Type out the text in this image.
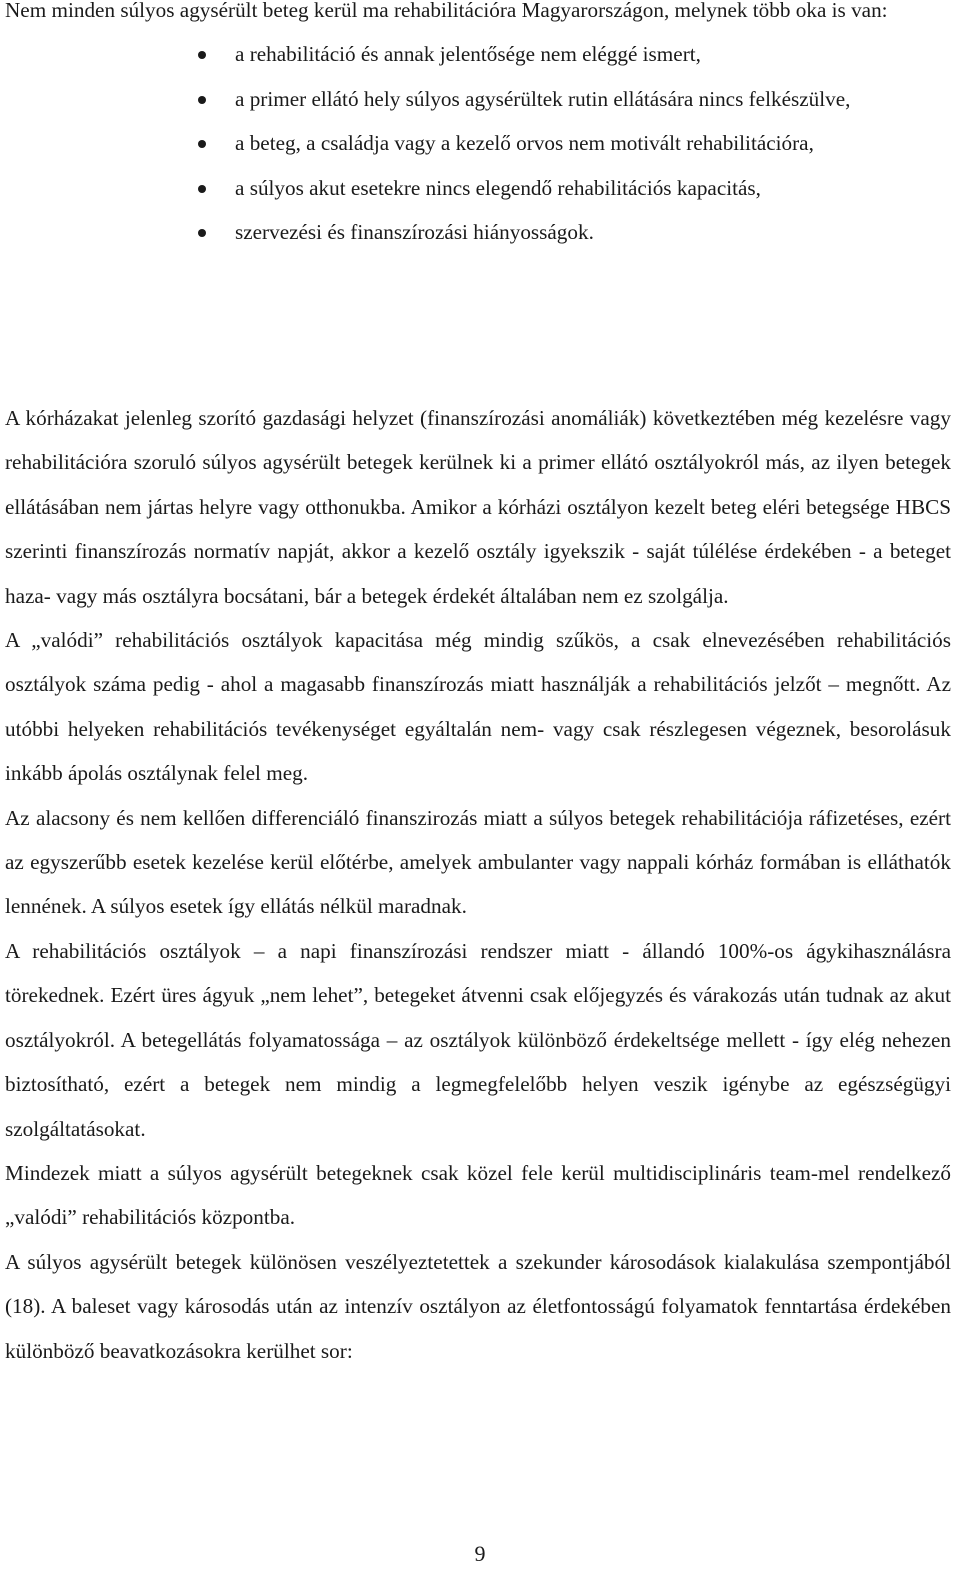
Nem minden súlyos agysérült beteg kerül ma rehabilitációra Magyarországon, melynek több oka is van:

a rehabilitáció és annak jelentősége nem eléggé ismert,
a primer ellátó hely súlyos agysérültek rutin ellátására nincs felkészülve,
a beteg, a családja vagy a kezelő orvos nem motivált rehabilitációra,
a súlyos akut esetekre nincs elegendő rehabilitációs kapacitás,
szervezési és finanszírozási hiányosságok.

A kórházakat jelenleg szorító gazdasági helyzet (finanszírozási anomáliák) következtében még kezelésre vagy rehabilitációra szoruló súlyos agysérült betegek kerülnek ki a primer ellátó osztályokról más, az ilyen betegek ellátásában nem jártas helyre vagy otthonukba. Amikor a kórházi osztályon kezelt beteg eléri betegsége HBCS szerinti finanszírozás normatív napját, akkor a kezelő osztály igyekszik - saját túlélése érdekében - a beteget haza- vagy más osztályra bocsátani, bár a betegek érdekét általában nem ez szolgálja.

A „valódi” rehabilitációs osztályok kapacitása még mindig szűkös, a csak elnevezésében rehabilitációs osztályok száma pedig - ahol a magasabb finanszírozás miatt használják a rehabilitációs jelzőt – megnőtt. Az utóbbi helyeken rehabilitációs tevékenységet egyáltalán nem- vagy csak részlegesen végeznek, besorolásuk inkább ápolás osztálynak felel meg.

Az alacsony és nem kellően differenciáló finanszirozás miatt a súlyos betegek rehabilitációja ráfizetéses, ezért az egyszerűbb esetek kezelése kerül előtérbe, amelyek ambulanter vagy nappali kórház formában is elláthatók lennének. A súlyos esetek így ellátás nélkül maradnak.

A rehabilitációs osztályok – a napi finanszírozási rendszer miatt - állandó 100%-os ágykihasználásra törekednek. Ezért üres ágyuk „nem lehet”, betegeket átvenni csak előjegyzés és várakozás után tudnak az akut osztályokról. A betegellátás folyamatossága – az osztályok különböző érdekeltsége mellett - így elég nehezen biztosítható, ezért a betegek nem mindig a legmegfelelőbb helyen veszik igénybe az egészségügyi szolgáltatásokat.

Mindezek miatt a súlyos agysérült betegeknek csak közel fele kerül multidisciplináris team-mel rendelkező „valódi” rehabilitációs központba.

A súlyos agysérült betegek különösen veszélyeztetettek a szekunder károsodások kialakulása szempontjából (18). A baleset vagy károsodás után az intenzív osztályon az életfontosságú folyamatok fenntartása érdekében különböző beavatkozásokra kerülhet sor:

9
